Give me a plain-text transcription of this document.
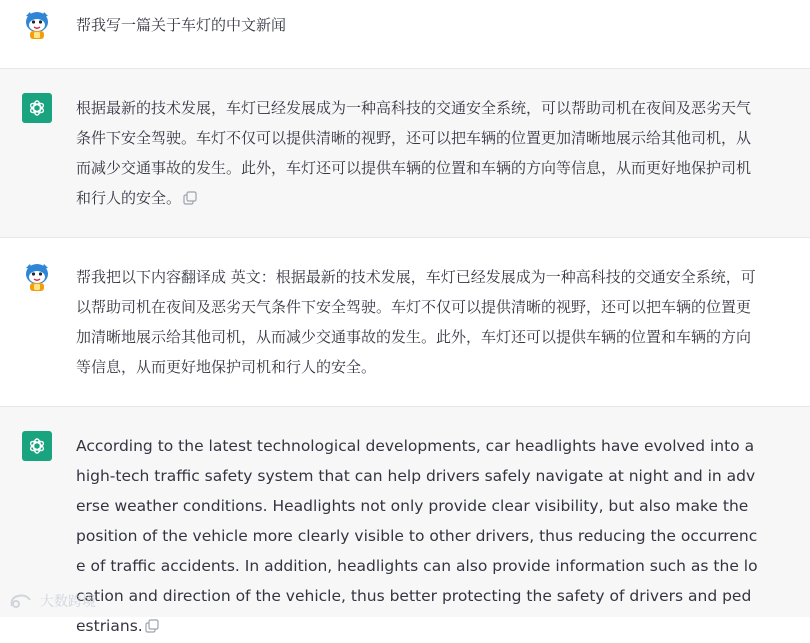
帮我写一篇关于车灯的中文新闻
根据最新的技术发展，车灯已经发展成为一种高科技的交通安全系统，可以帮助司机在夜间及恶劣天气条件下安全驾驶。车灯不仅可以提供清晰的视野，还可以把车辆的位置更加清晰地展示给其他司机，从而减少交通事故的发生。此外，车灯还可以提供车辆的位置和车辆的方向等信息，从而更好地保护司机和行人的安全。
帮我把以下内容翻译成 英文：根据最新的技术发展，车灯已经发展成为一种高科技的交通安全系统，可以帮助司机在夜间及恶劣天气条件下安全驾驶。车灯不仅可以提供清晰的视野，还可以把车辆的位置更加清晰地展示给其他司机，从而减少交通事故的发生。此外，车灯还可以提供车辆的位置和车辆的方向等信息，从而更好地保护司机和行人的安全。
According to the latest technological developments, car headlights have evolved into a high-tech traffic safety system that can help drivers safely navigate at night and in adverse weather conditions. Headlights not only provide clear visibility, but also make the position of the vehicle more clearly visible to other drivers, thus reducing the occurrence of traffic accidents. In addition, headlights can also provide information such as the location and direction of the vehicle, thus better protecting the safety of drivers and pedestrians.
大数跨境
